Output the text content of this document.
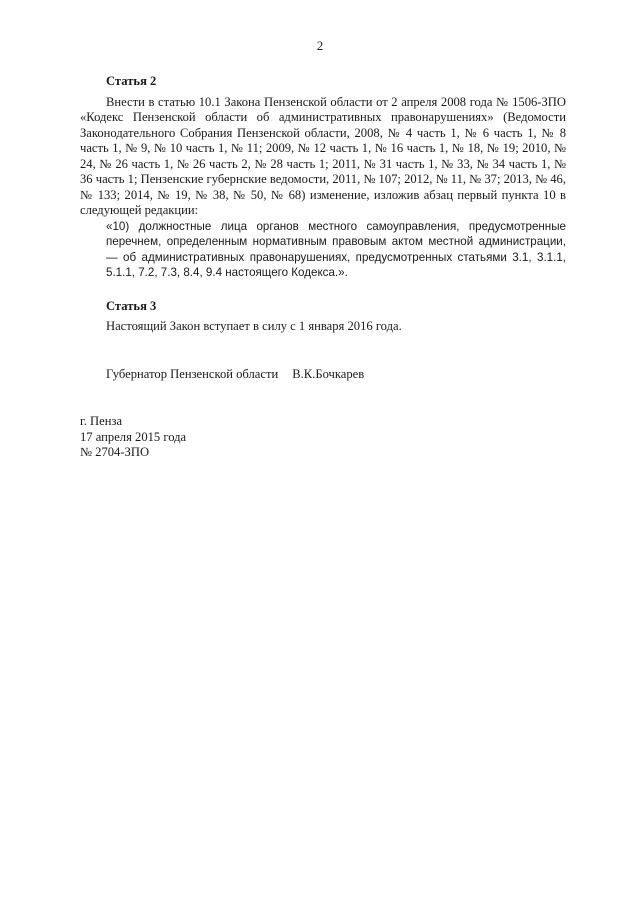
2

Статья 2

Внести в статью 10.1 Закона Пензенской области от 2 апреля 2008 года № 1506-ЗПО «Кодекс Пензенской области об административных правонарушениях» (Ведомости Законодательного Собрания Пензенской области, 2008, № 4 часть 1, № 6 часть 1, № 8 часть 1, № 9, № 10 часть 1, № 11; 2009, № 12 часть 1, № 16 часть 1, № 18, № 19; 2010, № 24, № 26 часть 1, № 26 часть 2, № 28 часть 1; 2011, № 31 часть 1, № 33, № 34 часть 1, № 36 часть 1; Пензенские губернские ведомости, 2011, № 107; 2012, № 11, № 37; 2013, № 46, № 133; 2014, № 19, № 38, № 50, № 68) изменение, изложив абзац первый пункта 10 в следующей редакции:

«10) должностные лица органов местного самоуправления, предусмотренные перечнем, определенным нормативным правовым актом местной администрации, — об административных правонарушениях, предусмотренных статьями 3.1, 3.1.1, 5.1.1, 7.2, 7.3, 8.4, 9.4 настоящего Кодекса.».

Статья 3

Настоящий Закон вступает в силу с 1 января 2016 года.

Губернатор Пензенской области В.К.Бочкарев

г. Пенза

17 апреля 2015 года

№ 2704-ЗПО
